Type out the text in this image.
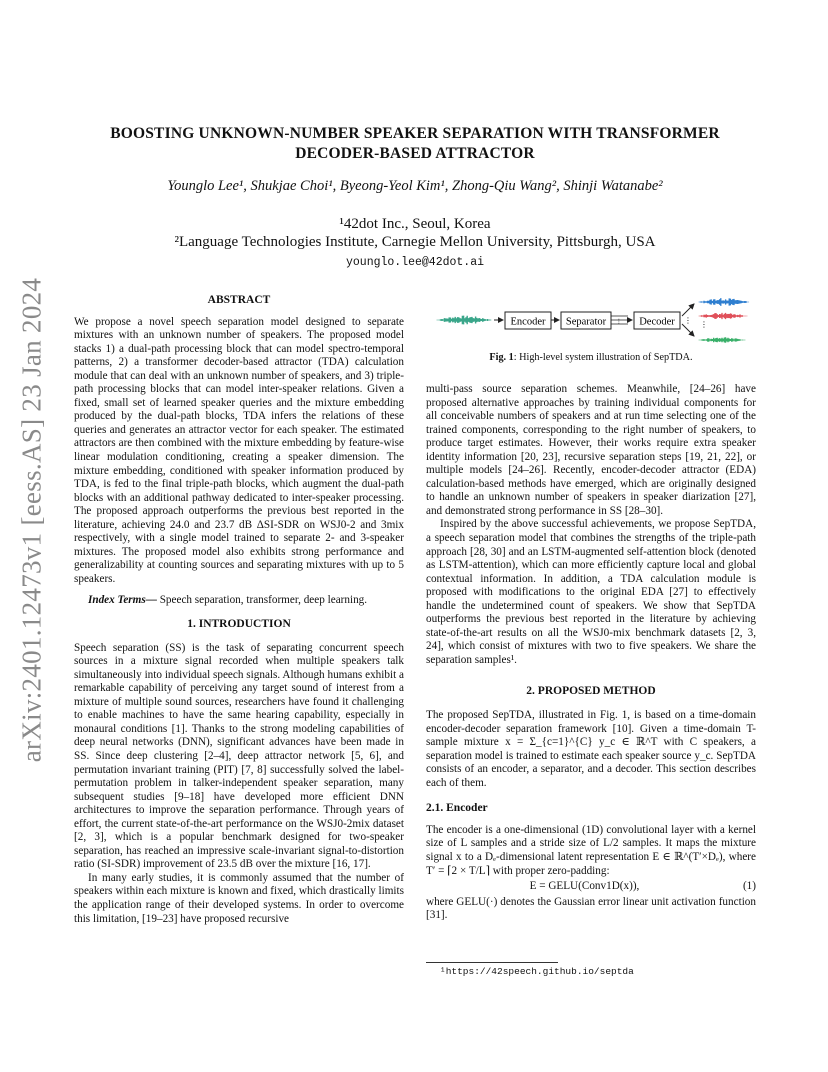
arXiv:2401.12473v1 [eess.AS] 23 Jan 2024
BOOSTING UNKNOWN-NUMBER SPEAKER SEPARATION WITH TRANSFORMER DECODER-BASED ATTRACTOR
Younglo Lee¹, Shukjae Choi¹, Byeong-Yeol Kim¹, Zhong-Qiu Wang², Shinji Watanabe²
¹42dot Inc., Seoul, Korea
²Language Technologies Institute, Carnegie Mellon University, Pittsburgh, USA
younglo.lee@42dot.ai
ABSTRACT

We propose a novel speech separation model designed to separate mixtures with an unknown number of speakers. The proposed model stacks 1) a dual-path processing block that can model spectro-temporal patterns, 2) a transformer decoder-based attractor (TDA) calculation module that can deal with an unknown number of speakers, and 3) triple-path processing blocks that can model inter-speaker relations. Given a fixed, small set of learned speaker queries and the mixture embedding produced by the dual-path blocks, TDA infers the relations of these queries and generates an attractor vector for each speaker. The estimated attractors are then combined with the mixture embedding by feature-wise linear modulation conditioning, creating a speaker dimension. The mixture embedding, conditioned with speaker information produced by TDA, is fed to the final triple-path blocks, which augment the dual-path blocks with an additional pathway dedicated to inter-speaker processing. The proposed approach outperforms the previous best reported in the literature, achieving 24.0 and 23.7 dB ΔSI-SDR on WSJ0-2 and 3mix respectively, with a single model trained to separate 2- and 3-speaker mixtures. The proposed model also exhibits strong performance and generalizability at counting sources and separating mixtures with up to 5 speakers.

Index Terms— Speech separation, transformer, deep learning.

1. INTRODUCTION

Speech separation (SS) is the task of separating concurrent speech sources in a mixture signal recorded when multiple speakers talk simultaneously into individual speech signals. Although humans exhibit a remarkable capability of perceiving any target sound of interest from a mixture of multiple sound sources, researchers have found it challenging to enable machines to have the same hearing capability, especially in monaural conditions [1]. Thanks to the strong modeling capabilities of deep neural networks (DNN), significant advances have been made in SS. Since deep clustering [2–4], deep attractor network [5, 6], and permutation invariant training (PIT) [7, 8] successfully solved the label-permutation problem in talker-independent speaker separation, many subsequent studies [9–18] have developed more efficient DNN architectures to improve the separation performance. Through years of effort, the current state-of-the-art performance on the WSJ0-2mix dataset [2, 3], which is a popular benchmark designed for two-speaker separation, has reached an impressive scale-invariant signal-to-distortion ratio (SI-SDR) improvement of 23.5 dB over the mixture [16, 17].

In many early studies, it is commonly assumed that the number of speakers within each mixture is known and fixed, which drastically limits the application range of their developed systems. In order to overcome this limitation, [19–23] have proposed recursive

Encoder Separator ⋮ Decoder ⋮ ⋮
Fig. 1: High-level system illustration of SepTDA.

multi-pass source separation schemes. Meanwhile, [24–26] have proposed alternative approaches by training individual components for all conceivable numbers of speakers and at run time selecting one of the trained components, corresponding to the right number of speakers, to produce target estimates. However, their works require extra speaker identity information [20, 23], recursive separation steps [19, 21, 22], or multiple models [24–26]. Recently, encoder-decoder attractor (EDA) calculation-based methods have emerged, which are originally designed to handle an unknown number of speakers in speaker diarization [27], and demonstrated strong performance in SS [28–30].

Inspired by the above successful achievements, we propose SepTDA, a speech separation model that combines the strengths of the triple-path approach [28, 30] and an LSTM-augmented self-attention block (denoted as LSTM-attention), which can more efficiently capture local and global contextual information. In addition, a TDA calculation module is proposed with modifications to the original EDA [27] to effectively handle the undetermined count of speakers. We show that SepTDA outperforms the previous best reported in the literature by achieving state-of-the-art results on all the WSJ0-mix benchmark datasets [2, 3, 24], which consist of mixtures with two to five speakers. We share the separation samples¹.

2. PROPOSED METHOD

The proposed SepTDA, illustrated in Fig. 1, is based on a time-domain encoder-decoder separation framework [10]. Given a time-domain T-sample mixture x = Σ_{c=1}^{C} y_c ∈ ℝ^T with C speakers, a separation model is trained to estimate each speaker source y_c. SepTDA consists of an encoder, a separator, and a decoder. This section describes each of them.

2.1. Encoder

The encoder is a one-dimensional (1D) convolutional layer with a kernel size of L samples and a stride size of L/2 samples. It maps the mixture signal x to a Dₑ-dimensional latent representation E ∈ ℝ^(T′×Dₑ), where T′ = ⌈2 × T/L⌉ with proper zero-padding:

E = GELU(Conv1D(x)),	(1)

where GELU(·) denotes the Gaussian error linear unit activation function [31].

¹https://42speech.github.io/septda
